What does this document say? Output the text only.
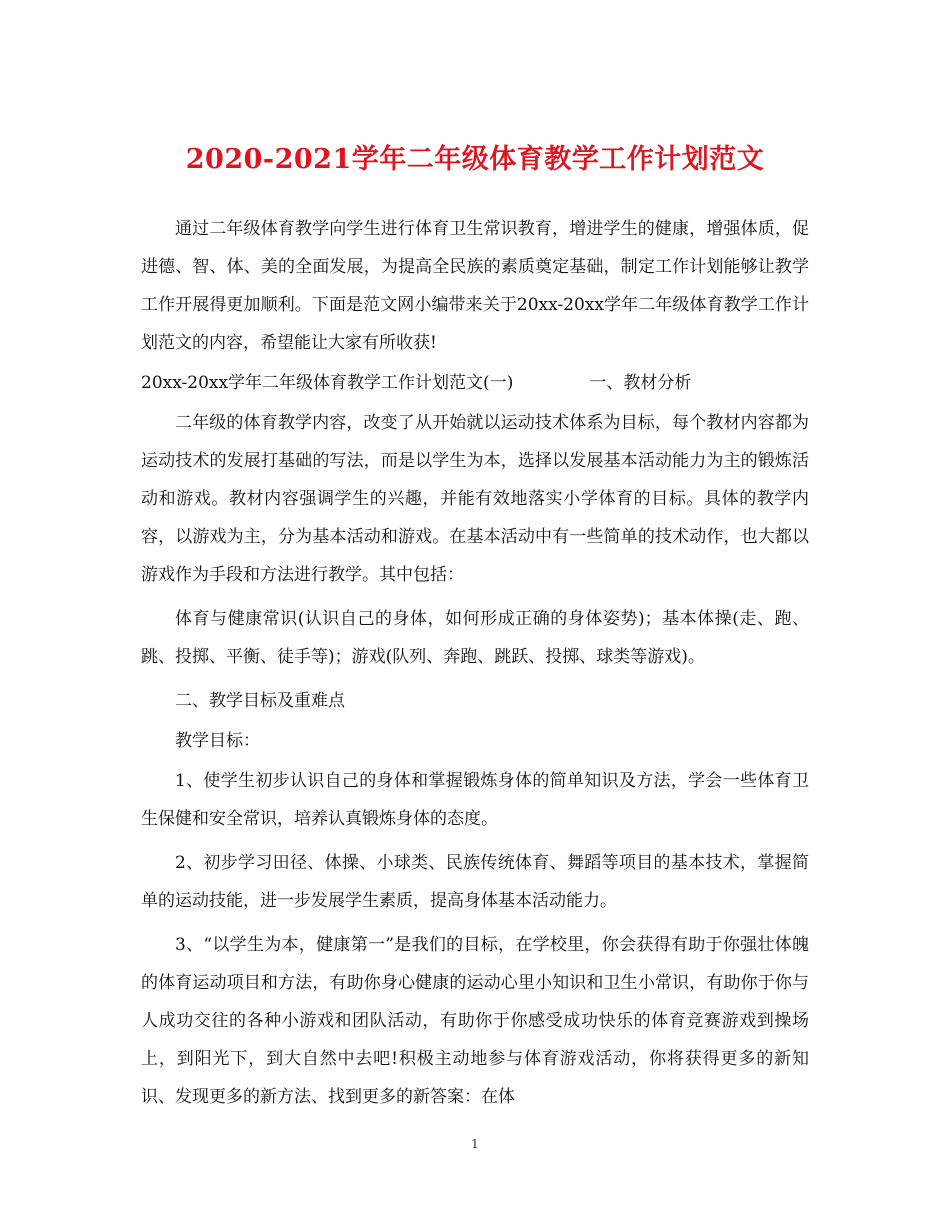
2020-2021学年二年级体育教学工作计划范文

通过二年级体育教学向学生进行体育卫生常识教育，增进学生的健康，增强体质，促进德、智、体、美的全面发展，为提高全民族的素质奠定基础，制定工作计划能够让教学工作开展得更加顺利。下面是范文网小编带来关于20xx-20xx学年二年级体育教学工作计划范文的内容，希望能让大家有所收获!

20xx-20xx学年二年级体育教学工作计划范文(一)	一、教材分析

二年级的体育教学内容，改变了从开始就以运动技术体系为目标，每个教材内容都为运动技术的发展打基础的写法，而是以学生为本，选择以发展基本活动能力为主的锻炼活动和游戏。教材内容强调学生的兴趣，并能有效地落实小学体育的目标。具体的教学内容，以游戏为主，分为基本活动和游戏。在基本活动中有一些简单的技术动作，也大都以游戏作为手段和方法进行教学。其中包括：

体育与健康常识(认识自己的身体，如何形成正确的身体姿势)；基本体操(走、跑、跳、投掷、平衡、徒手等)；游戏(队列、奔跑、跳跃、投掷、球类等游戏)。

二、教学目标及重难点

教学目标：

1、使学生初步认识自己的身体和掌握锻炼身体的简单知识及方法，学会一些体育卫生保健和安全常识，培养认真锻炼身体的态度。

2、初步学习田径、体操、小球类、民族传统体育、舞蹈等项目的基本技术，掌握简单的运动技能，进一步发展学生素质，提高身体基本活动能力。

3、“以学生为本，健康第一”是我们的目标，在学校里，你会获得有助于你强壮体魄的体育运动项目和方法，有助你身心健康的运动心里小知识和卫生小常识，有助你于你与人成功交往的各种小游戏和团队活动，有助你于你感受成功快乐的体育竞赛游戏到操场上，到阳光下，到大自然中去吧!积极主动地参与体育游戏活动，你将获得更多的新知识、发现更多的新方法、找到更多的新答案：在体

1
